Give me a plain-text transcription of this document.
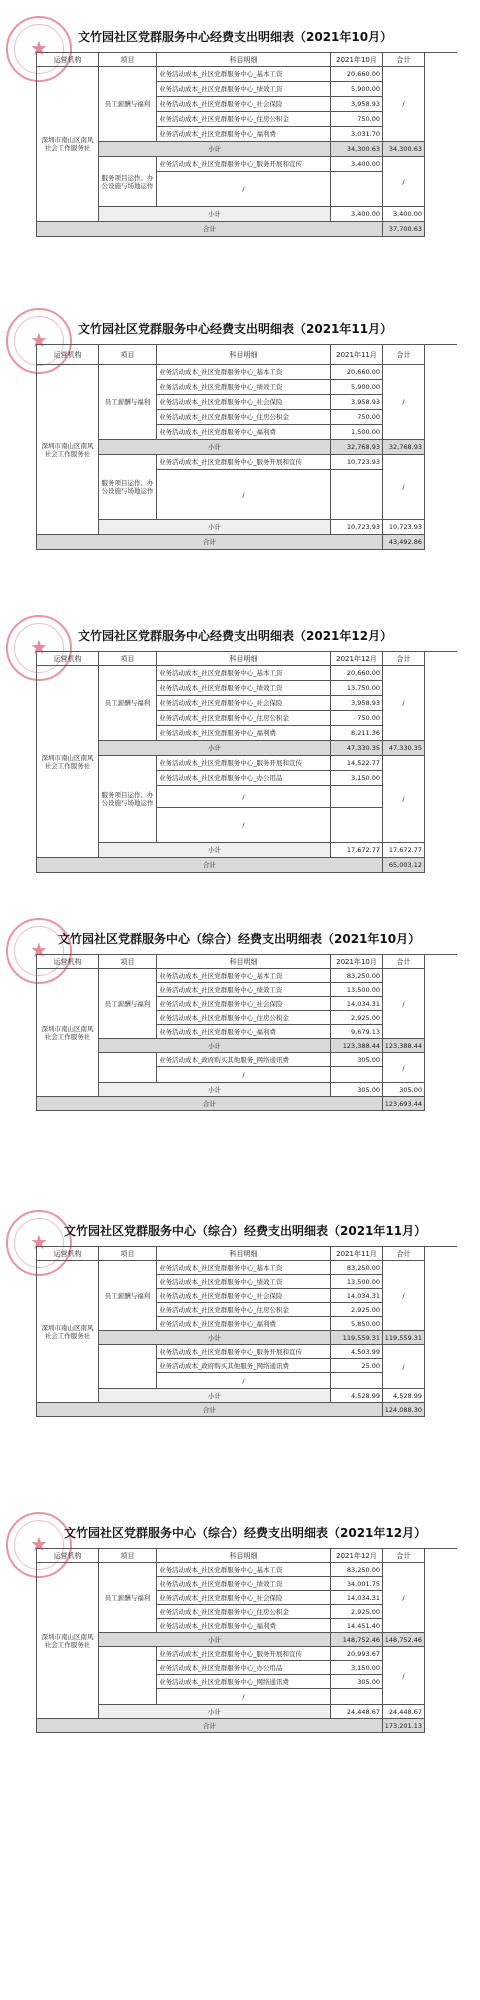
★	文竹园社区党群服务中心经费支出明细表（2021年10月）
运营机构	项目	科目明细	2021年10月	合计
业务活动成本_社区党群服务中心_基本工资	20,660.00
业务活动成本_社区党群服务中心_绩效工资	5,900.00
业务活动成本_社区党群服务中心_社会保险	3,958.93
业务活动成本_社区党群服务中心_住房公积金	750.00
业务活动成本_社区党群服务中心_福利费	3,031.70
员工薪酬与福利	/
小计	34,300.63	34,300.63
业务活动成本_社区党群服务中心_服务开展和宣传	3,400.00
/
服务项目运作、办公设施与场地运作	/
小计	3,400.00	3,400.00
深圳市南山区南风社会工作服务社
合计	37,700.63
★	文竹园社区党群服务中心经费支出明细表（2021年11月）
运营机构	项目	科目明细	2021年11月	合计
业务活动成本_社区党群服务中心_基本工资	20,660.00
业务活动成本_社区党群服务中心_绩效工资	5,900.00
业务活动成本_社区党群服务中心_社会保险	3,958.93
业务活动成本_社区党群服务中心_住房公积金	750.00
业务活动成本_社区党群服务中心_福利费	1,500.00
员工薪酬与福利	/
小计	32,768.93	32,768.93
业务活动成本_社区党群服务中心_服务开展和宣传	10,723.93
/
服务项目运作、办公设施与场地运作	/
小计	10,723.93	10,723.93
深圳市南山区南风社会工作服务社
合计	43,492.86
★	文竹园社区党群服务中心经费支出明细表（2021年12月）
运营机构	项目	科目明细	2021年12月	合计
业务活动成本_社区党群服务中心_基本工资	20,660.00
业务活动成本_社区党群服务中心_绩效工资	13,750.00
业务活动成本_社区党群服务中心_社会保险	3,958.93
业务活动成本_社区党群服务中心_住房公积金	750.00
业务活动成本_社区党群服务中心_福利费	8,211.36
员工薪酬与福利	/
小计	47,330.35	47,330.35
业务活动成本_社区党群服务中心_服务开展和宣传	14,522.77
业务活动成本_社区党群服务中心_办公用品	3,150.00
/
/
服务项目运作、办公设施与场地运作	/
小计	17,672.77	17,672.77
深圳市南山区南风社会工作服务社
合计	65,003.12
★ 文竹园社区党群服务中心（综合）经费支出明细表（2021年10月）
运营机构	项目	科目明细	2021年10月	合计
业务活动成本_社区党群服务中心_基本工资	83,250.00
业务活动成本_社区党群服务中心_绩效工资	13,500.00
业务活动成本_社区党群服务中心_社会保险	14,034.31
业务活动成本_社区党群服务中心_住房公积金	2,925.00
业务活动成本_社区党群服务中心_福利费	9,679.13
员工薪酬与福利	/
小计	123,388.44 123,388.44
业务活动成本_政府购买其他服务_网络通讯费	305.00
/
/
小计	305.00	305.00
深圳市南山区南风社会工作服务社
合计	123,693.44
★	文竹园社区党群服务中心（综合）经费支出明细表（2021年11月）
运营机构	项目	科目明细	2021年11月	合计
业务活动成本_社区党群服务中心_基本工资	83,250.00
业务活动成本_社区党群服务中心_绩效工资	13,500.00
业务活动成本_社区党群服务中心_社会保险	14,034.31
业务活动成本_社区党群服务中心_住房公积金	2,925.00
业务活动成本_社区党群服务中心_福利费	5,850.00
员工薪酬与福利	/
小计	119,559.31 119,559.31
业务活动成本_社区党群服务中心_服务开展和宣传	4,503.99
业务活动成本_政府购买其他服务_网络通讯费	25.00
/
/
小计	4,528.99	4,528.99
深圳市南山区南风社会工作服务社
合计	124,088.30
★	文竹园社区党群服务中心（综合）经费支出明细表（2021年12月）
运营机构	项目	科目明细	2021年12月	合计
业务活动成本_社区党群服务中心_基本工资	83,250.00
业务活动成本_社区党群服务中心_绩效工资	34,001.75
业务活动成本_社区党群服务中心_社会保险	14,034.31
业务活动成本_社区党群服务中心_住房公积金	2,925.00
业务活动成本_社区党群服务中心_福利费	14,451.40
员工薪酬与福利	/
小计	148,752.46 148,752.46
业务活动成本_社区党群服务中心_服务开展和宣传	20,993.67
业务活动成本_社区党群服务中心_办公用品	3,150.00
业务活动成本_社区党群服务中心_网络通讯费	305.00
/
/
小计	24,448.67	24,448.67
深圳市南山区南风社会工作服务社
合计	173,201.13
